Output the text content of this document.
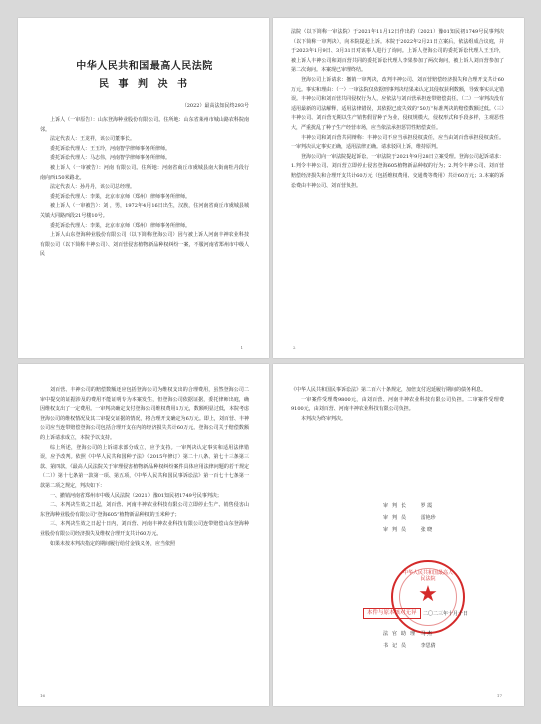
中华人民共和国最高人民法院
民 事 判 决 书
（2022）最高法知民终293号

上诉人（一审原告）：山东登海种业股份有限公司。住所地：山东省莱州市城山路农科院南邻。

法定代表人：王龙祥，该公司董事长。

委托诉讼代理人：王玉玲，河南智学律师事务所律师。

委托诉讼代理人：马志伟，河南智学律师事务所律师。

被上诉人（一审被告）：河南 有限公司。住所地：河南省商丘市虞城县南大街南牡丹段行南向西150米路北。

法定代表人：孙丹丹，该公司总经理。

委托诉讼代理人：李果，北京市京师（郑州）律师事务所律师。

被上诉人（一审被告）：刘 ，男，1972年4月16日出生，汉族，住河南省商丘市虞城县城关镇大同路西段21号楼10号。

委托诉讼代理人：李果，北京市京师（郑州）律师事务所律师。

上诉人山东登海种业股份有限公司（以下简称登海公司）因与被上诉人河南丰神农业科技有限公司（以下简称丰神公司）、刘百营侵害植物新品种权纠纷一案，不服河南省郑州市中级人民

1

法院（以下简称一审法院）于2021年11月12日作出的（2021）豫01知民初1749号民事判决（以下简称一审判决），向本院提起上诉。本院于2022年2月21日立案后，依法组成合议庭，并于2023年1月9日、3月31日对该事人进行了询问。上诉人登海公司的委托诉讼代理人王玉玲，被上诉人丰神公司和刘百营共同的委托诉讼代理人李果参加了两次询问，被上诉人刘百营参加了第二次询问。本案现已审理终结。

登海公司上诉请求：撤销一审判决，改判丰神公司、刘百营赔偿经济损失和合理开支共计60万元。事实和理由：（一）一审法院仅依据刑事判决结果来认定其侵权获利数额，导致事实认定错误。丰神公司和刘百营共同侵权行为人，应依法与刘百营承担连带赔偿责任。（二）一审判决没有适用最新的司法解释，适用法律错误，其依据已废失效的“50万”标准判决的赔偿数额过低。（三）丰神公司、刘百营无期以生产销售假冒种子为业，侵权规模大，侵权形式和手段多样，主观恶性大，严重扰乱了种子生产经营市场，应当依法承担惩罚性赔偿责任。

丰神公司和刘百营共同辩称：丰神公司不应当承担侵权责任，应当由刘百营承担侵权责任。一审判决认定事实正确，适用法律正确。请求驳回上诉，维持原判。

登海公司向一审法院提起诉讼，一审法院于2021年9月28日立案受理。登海公司起诉请求：1.判令丰神公司、刘百营立即停止侵害登海605植物新品种权的行为；2.判令丰神公司、刘百营赔偿经济损失和合理开支共计60万元（包括维权费用、交通费等费用）共计60万元；3.本案的诉讼费由丰神公司、刘百营负担。

2

刘百营、丰神公司的赔偿数额还应包括登海公司为维权支出的合理费用，虽然登海公司二审中提交的证据涉及的费用不能证明专为本案发生，但登海公司依据证据，委托律师出庭，确因维权支出了一定费用。一审判决确定支付登海公司维权费用1万元，数额明显过低，本院考虑登海公司的维权情况及其二审提交证据的情况，将合理开支确定为6万元。即上，刘百营、丰神公司应当连带赔偿登海公司包括合理开支在内的经济损失共计60万元。登海公司关于赔偿数额的上诉请求成立，本院予以支持。

综上所述，登海公司的上诉请求部分成立，应予支持。一审判决认定事实和适用法律错误，应予改判。依照《中华人民共和国种子法》（2015年修订）第二十八条、第七十三条第三款、第四款，《最高人民法院关于审理侵害植物新品种权纠纷案件具体应用法律问题的若干规定（二）》第十七条第一款第一项、第五项，《中华人民共和国民事诉讼法》第一百七十七条第一款第二项之规定，判决如下：

一、撤销河南省郑州市中级人民法院（2021）豫01知民初1749号民事判决；

二、本判决生效之日起，刘百营、河南丰神农业科技有限公司立即停止生产、销售侵害山东登海种业股份有限公司“登海605”植物新品种权的玉米种子；

三、本判决生效之日起十日内，刘百营、河南丰神农业科技有限公司连带赔偿山东登海种业股份有限公司经济损失及维权合理开支共计60万元。

如果未按本判决指定的期间履行给付金钱义务，应当依照

16

《中华人民共和国民事诉讼法》第二百六十条规定，加倍支付迟延履行期间的债务利息。

一审案件受理费9800元，由刘百营、河南丰神农业科技有限公司负担。二审案件受理费9100元，由刘百营、河南丰神农业科技有限公司负担。

本判决为终审判决。

审判长 罗 霞
审判员 雷艳珍
审判员 张 晓
中华人民共和国最高人民法院
★
本件与原本核对无异	二〇二三年十月十日
法官助理 马 杰
书记员 李思倩
17
